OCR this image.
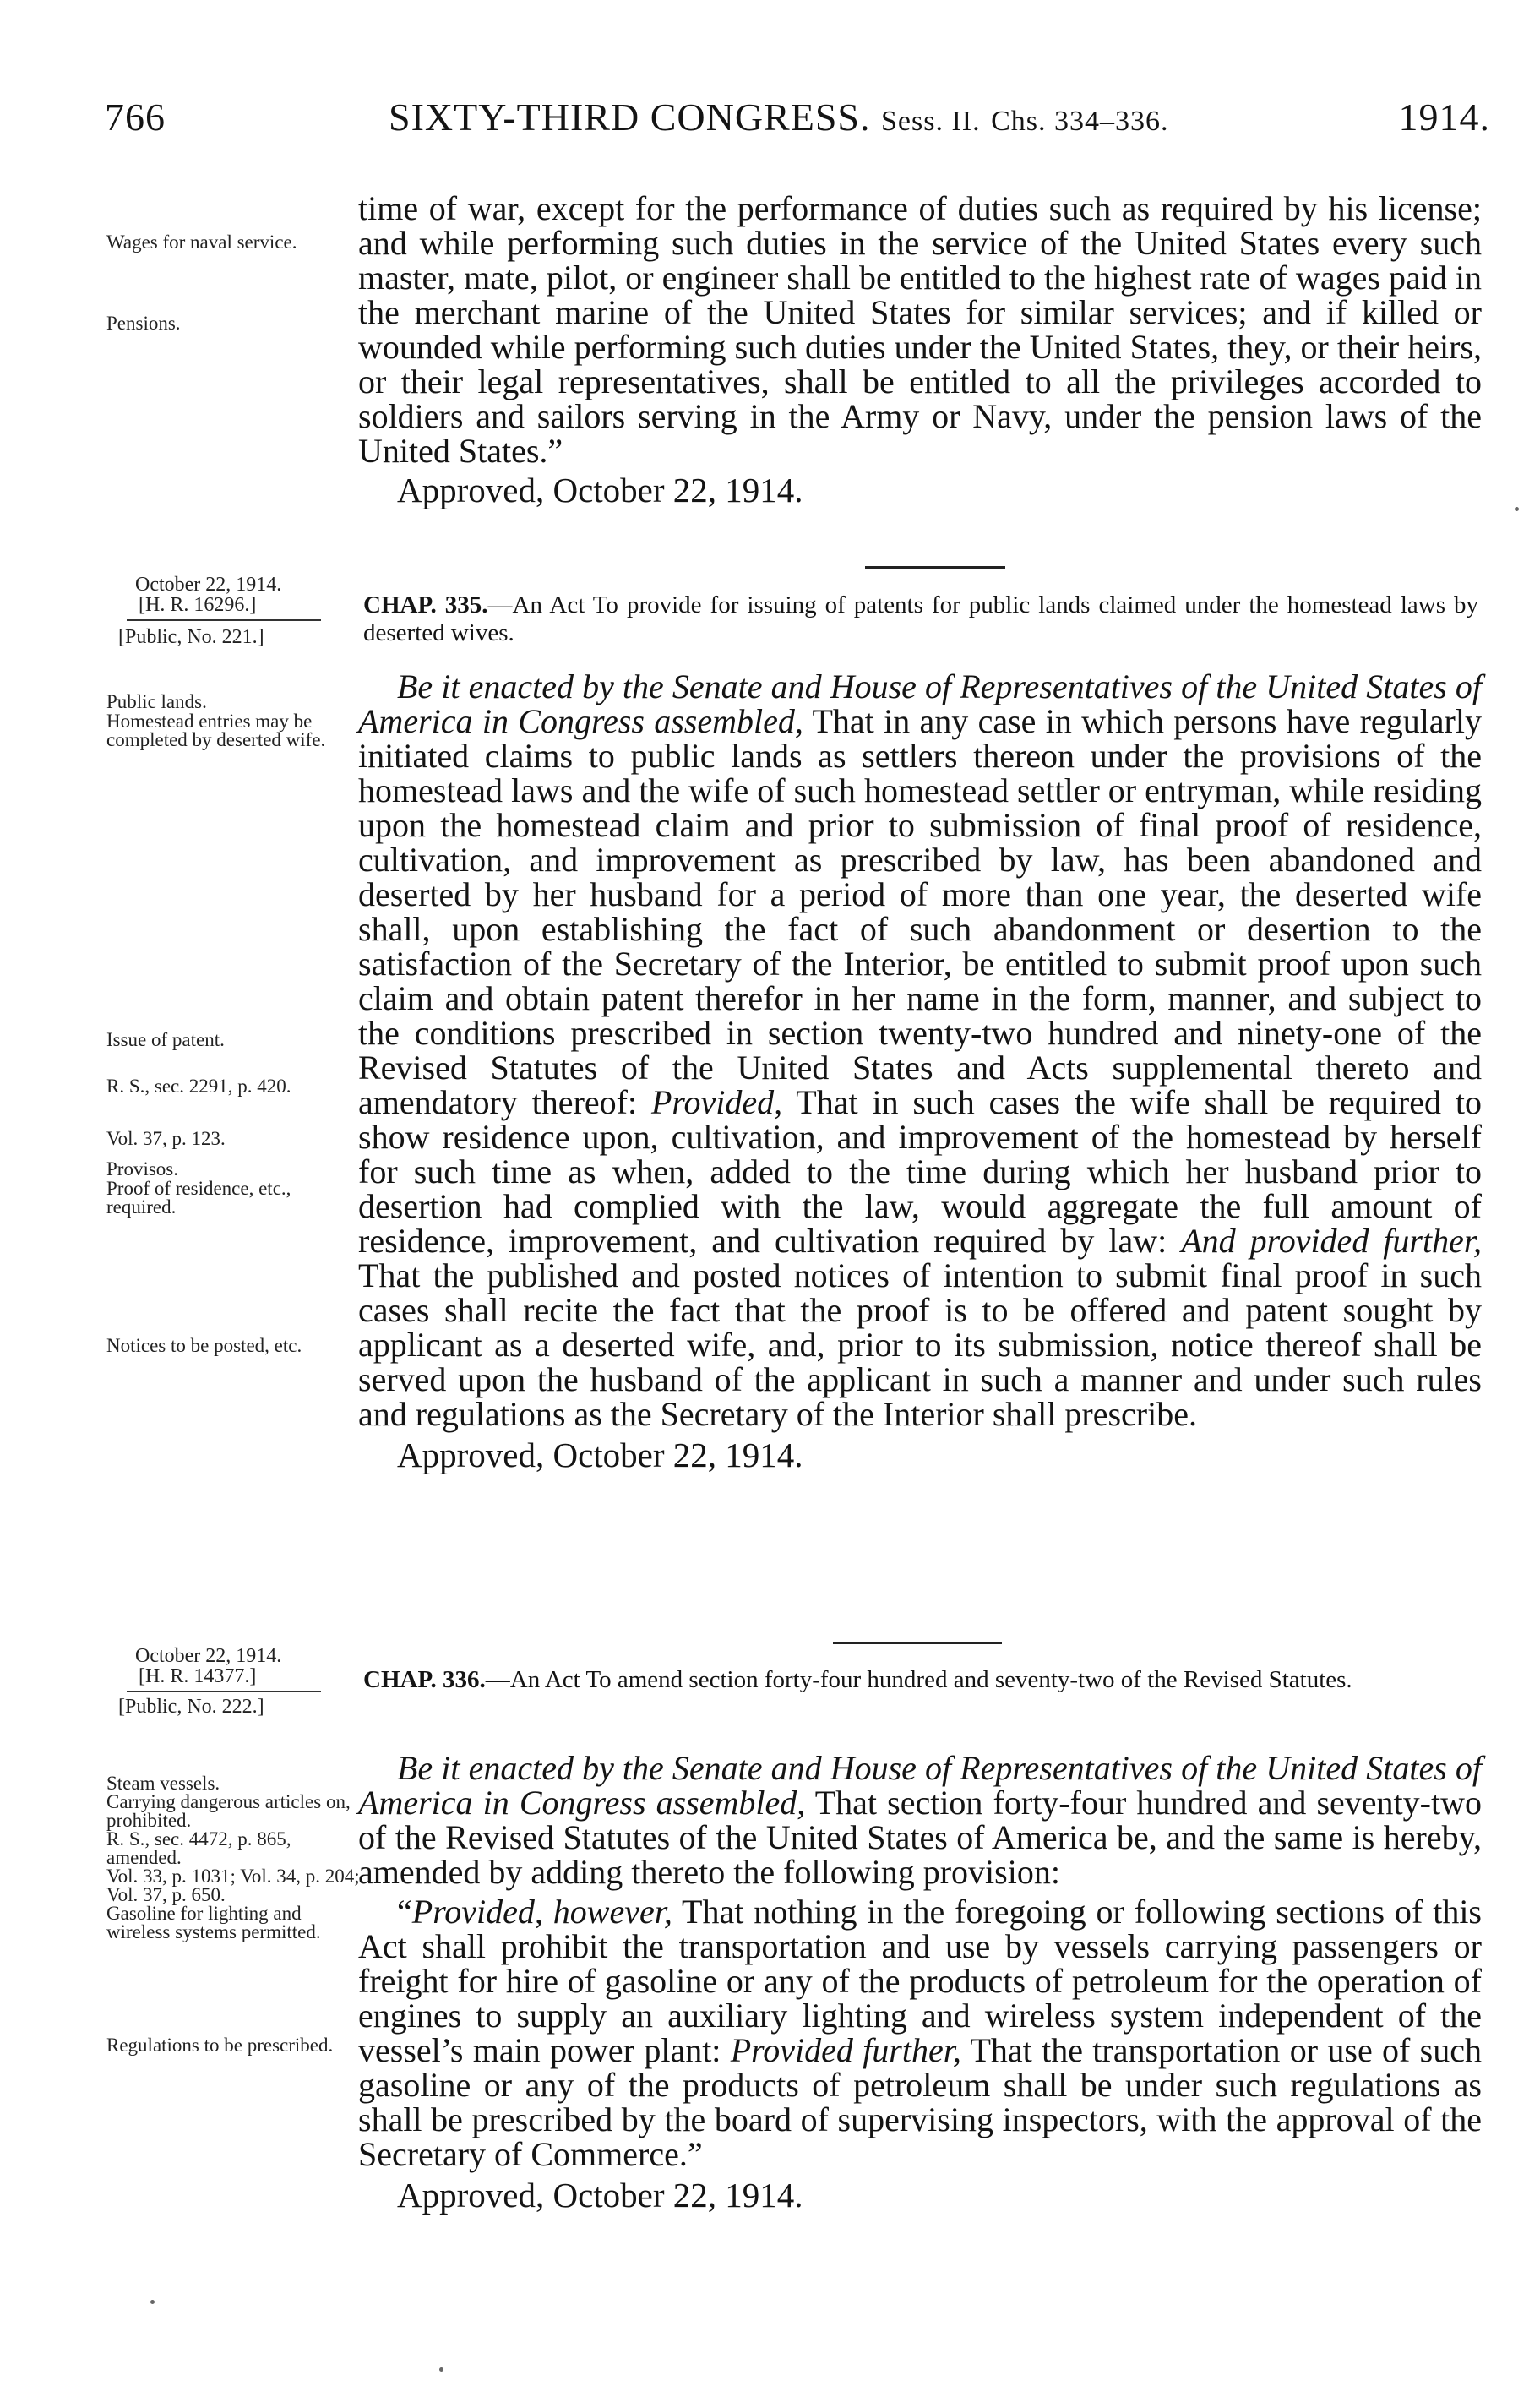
766	SIXTY-THIRD CONGRESS. Sess. II. Chs. 334–336.	1914.

time of war, except for the performance of duties such as required by his license; and while performing such duties in the service of the United States every such master, mate, pilot, or engineer shall be entitled to the highest rate of wages paid in the merchant marine of the United States for similar services; and if killed or wounded while performing such duties under the United States, they, or their heirs, or their legal representatives, shall be entitled to all the privileges accorded to soldiers and sailors serving in the Army or Navy, under the pension laws of the United States.”

Approved, October 22, 1914.
Wages for naval service.
Pensions.
October 22, 1914.
[H. R. 16296.]
[Public, No. 221.]
CHAP. 335.—An Act To provide for issuing of patents for public lands claimed under the homestead laws by deserted wives.

Be it enacted by the Senate and House of Representatives of the United States of America in Congress assembled, That in any case in which persons have regularly initiated claims to public lands as settlers thereon under the provisions of the homestead laws and the wife of such homestead settler or entryman, while residing upon the homestead claim and prior to submission of final proof of residence, cultivation, and improvement as prescribed by law, has been abandoned and deserted by her husband for a period of more than one year, the deserted wife shall, upon establishing the fact of such abandonment or desertion to the satisfaction of the Secretary of the Interior, be entitled to submit proof upon such claim and obtain patent therefor in her name in the form, manner, and subject to the conditions prescribed in section twenty-two hundred and ninety-one of the Revised Statutes of the United States and Acts supplemental thereto and amendatory thereof: Provided, That in such cases the wife shall be required to show residence upon, cultivation, and improvement of the homestead by herself for such time as when, added to the time during which her husband prior to desertion had complied with the law, would aggregate the full amount of residence, improvement, and cultivation required by law: And provided further, That the published and posted notices of intention to submit final proof in such cases shall recite the fact that the proof is to be offered and patent sought by applicant as a deserted wife, and, prior to its submission, notice thereof shall be served upon the husband of the applicant in such a manner and under such rules and regulations as the Secretary of the Interior shall prescribe.

Approved, October 22, 1914.
Public lands.
Homestead entries may be completed by deserted wife.
Issue of patent.
R. S., sec. 2291, p. 420.
Vol. 37, p. 123.
Provisos.
Proof of residence, etc., required.
Notices to be posted, etc.
October 22, 1914.
[H. R. 14377.]
[Public, No. 222.]
CHAP. 336.—An Act To amend section forty-four hundred and seventy-two of the Revised Statutes.

Be it enacted by the Senate and House of Representatives of the United States of America in Congress assembled, That section forty-four hundred and seventy-two of the Revised Statutes of the United States of America be, and the same is hereby, amended by adding thereto the following provision:

“Provided, however, That nothing in the foregoing or following sections of this Act shall prohibit the transportation and use by vessels carrying passengers or freight for hire of gasoline or any of the products of petroleum for the operation of engines to supply an auxiliary lighting and wireless system independent of the vessel’s main power plant: Provided further, That the transportation or use of such gasoline or any of the products of petroleum shall be under such regulations as shall be prescribed by the board of supervising inspectors, with the approval of the Secretary of Commerce.”

Approved, October 22, 1914.
Steam vessels.
Carrying dangerous articles on, prohibited.
R. S., sec. 4472, p. 865, amended.
Vol. 33, p. 1031; Vol. 34, p. 204; Vol. 37, p. 650.
Gasoline for lighting and wireless systems permitted.
Regulations to be prescribed.
